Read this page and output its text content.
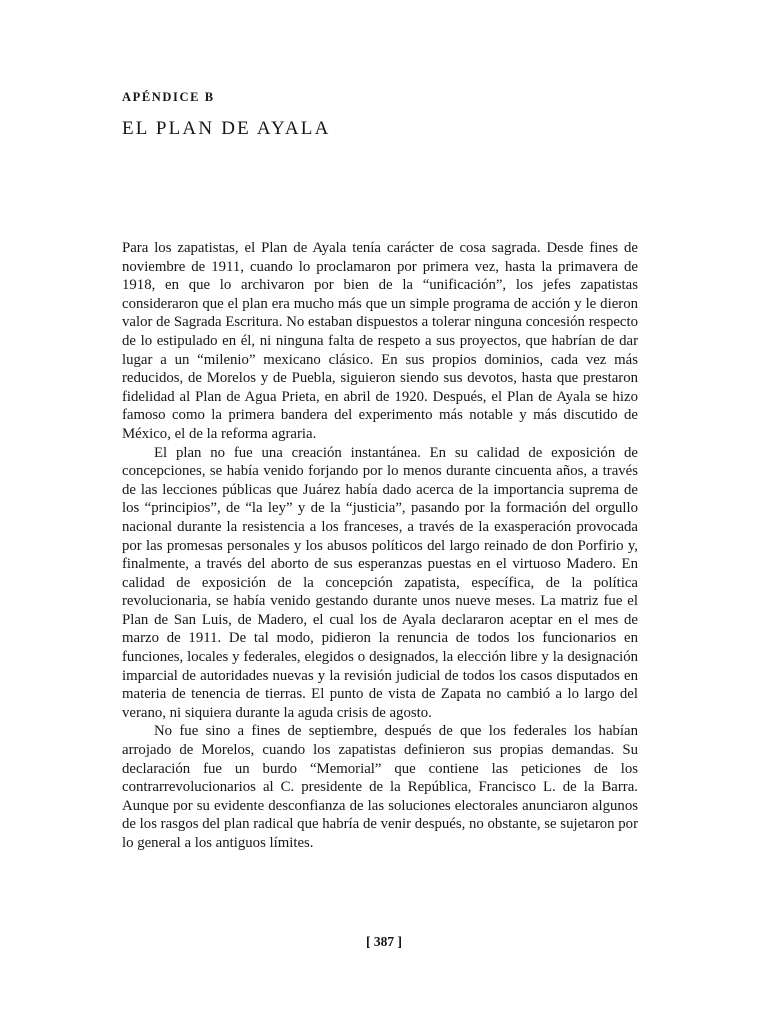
APÉNDICE B
EL PLAN DE AYALA

Para los zapatistas, el Plan de Ayala tenía carácter de cosa sagrada. Desde fines de noviembre de 1911, cuando lo proclamaron por primera vez, hasta la primavera de 1918, en que lo archivaron por bien de la “unificación”, los jefes zapatistas consideraron que el plan era mucho más que un simple programa de acción y le dieron valor de Sagrada Escritura. No estaban dispuestos a tolerar ninguna concesión respecto de lo estipulado en él, ni ninguna falta de respeto a sus proyectos, que habrían de dar lugar a un “milenio” mexicano clásico. En sus propios dominios, cada vez más reducidos, de Morelos y de Puebla, siguieron siendo sus devotos, hasta que prestaron fidelidad al Plan de Agua Prieta, en abril de 1920. Después, el Plan de Ayala se hizo famoso como la primera bandera del experimento más notable y más discutido de México, el de la reforma agraria.

El plan no fue una creación instantánea. En su calidad de exposición de concepciones, se había venido forjando por lo menos durante cincuenta años, a través de las lecciones públicas que Juárez había dado acerca de la importancia suprema de los “principios”, de “la ley” y de la “justicia”, pasando por la formación del orgullo nacional durante la resistencia a los franceses, a través de la exasperación provocada por las promesas personales y los abusos políticos del largo reinado de don Porfirio y, finalmente, a través del aborto de sus esperanzas puestas en el virtuoso Madero. En calidad de exposición de la concepción zapatista, específica, de la política revolucionaria, se había venido gestando durante unos nueve meses. La matriz fue el Plan de San Luis, de Madero, el cual los de Ayala declararon aceptar en el mes de marzo de 1911. De tal modo, pidieron la renuncia de todos los funcionarios en funciones, locales y federales, elegidos o designados, la elección libre y la designación imparcial de autoridades nuevas y la revisión judicial de todos los casos disputados en materia de tenencia de tierras. El punto de vista de Zapata no cambió a lo largo del verano, ni siquiera durante la aguda crisis de agosto.

No fue sino a fines de septiembre, después de que los federales los habían arrojado de Morelos, cuando los zapatistas definieron sus propias demandas. Su declaración fue un burdo “Memorial” que contiene las peticiones de los contrarrevolucionarios al C. presidente de la República, Francisco L. de la Barra. Aunque por su evidente desconfianza de las soluciones electorales anunciaron algunos de los rasgos del plan radical que habría de venir después, no obstante, se sujetaron por lo general a los antiguos límites.

[ 387 ]
